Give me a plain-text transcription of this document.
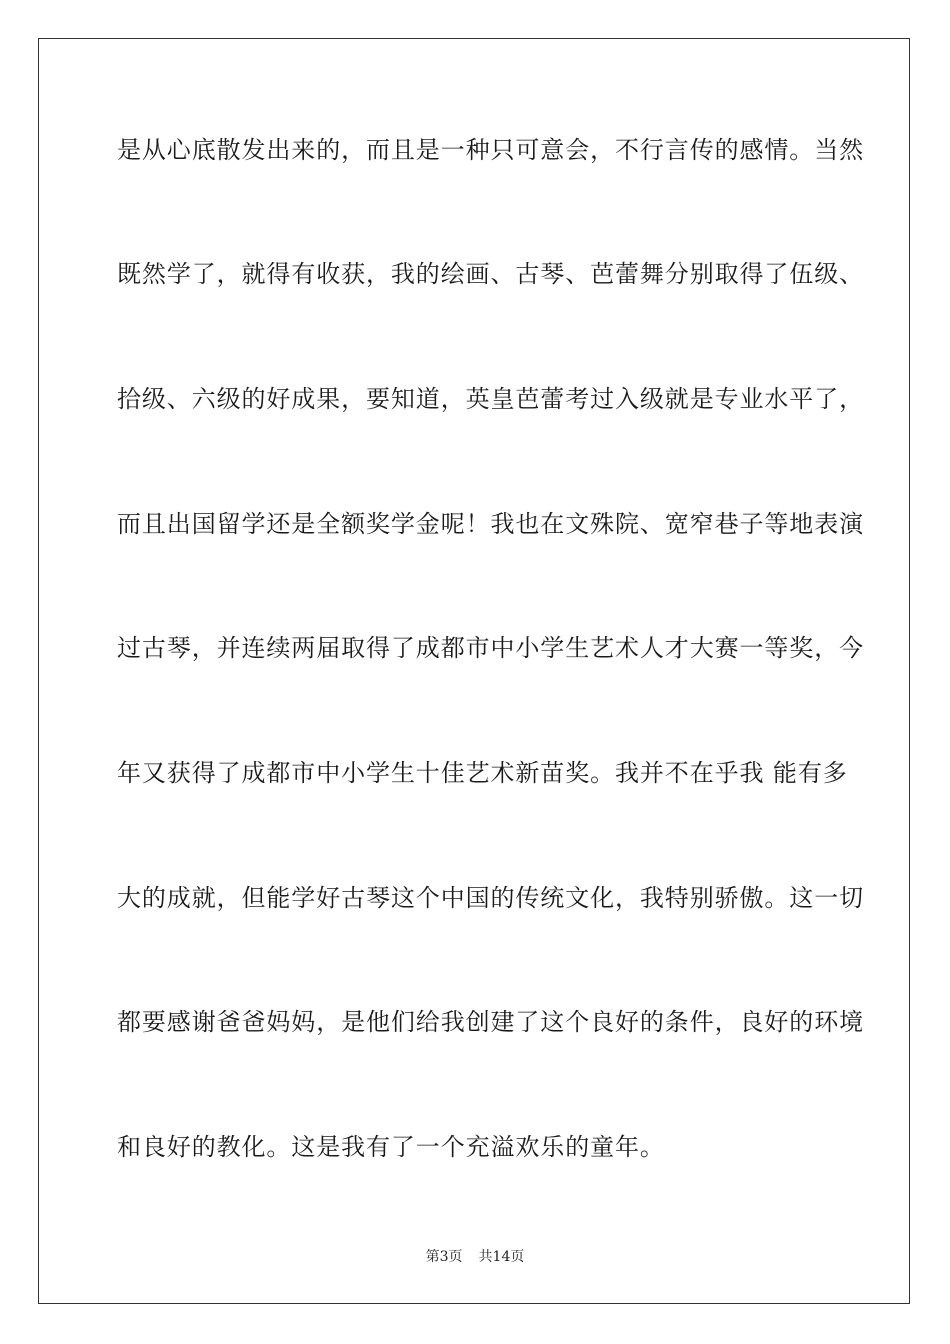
是从心底散发出来的，而且是一种只可意会，不行言传的感情。当然
既然学了，就得有收获，我的绘画、古琴、芭蕾舞分别取得了伍级、
拾级、六级的好成果，要知道，英皇芭蕾考过入级就是专业水平了，
而且出国留学还是全额奖学金呢！我也在文殊院、宽窄巷子等地表演
过古琴，并连续两届取得了成都市中小学生艺术人才大赛一等奖，今
年又获得了成都市中小学生十佳艺术新苗奖。我并不在乎我 能有多
大的成就，但能学好古琴这个中国的传统文化，我特别骄傲。这一切
都要感谢爸爸妈妈，是他们给我创建了这个良好的条件，良好的环境
和良好的教化。这是我有了一个充溢欢乐的童年。
第3页 共14页
